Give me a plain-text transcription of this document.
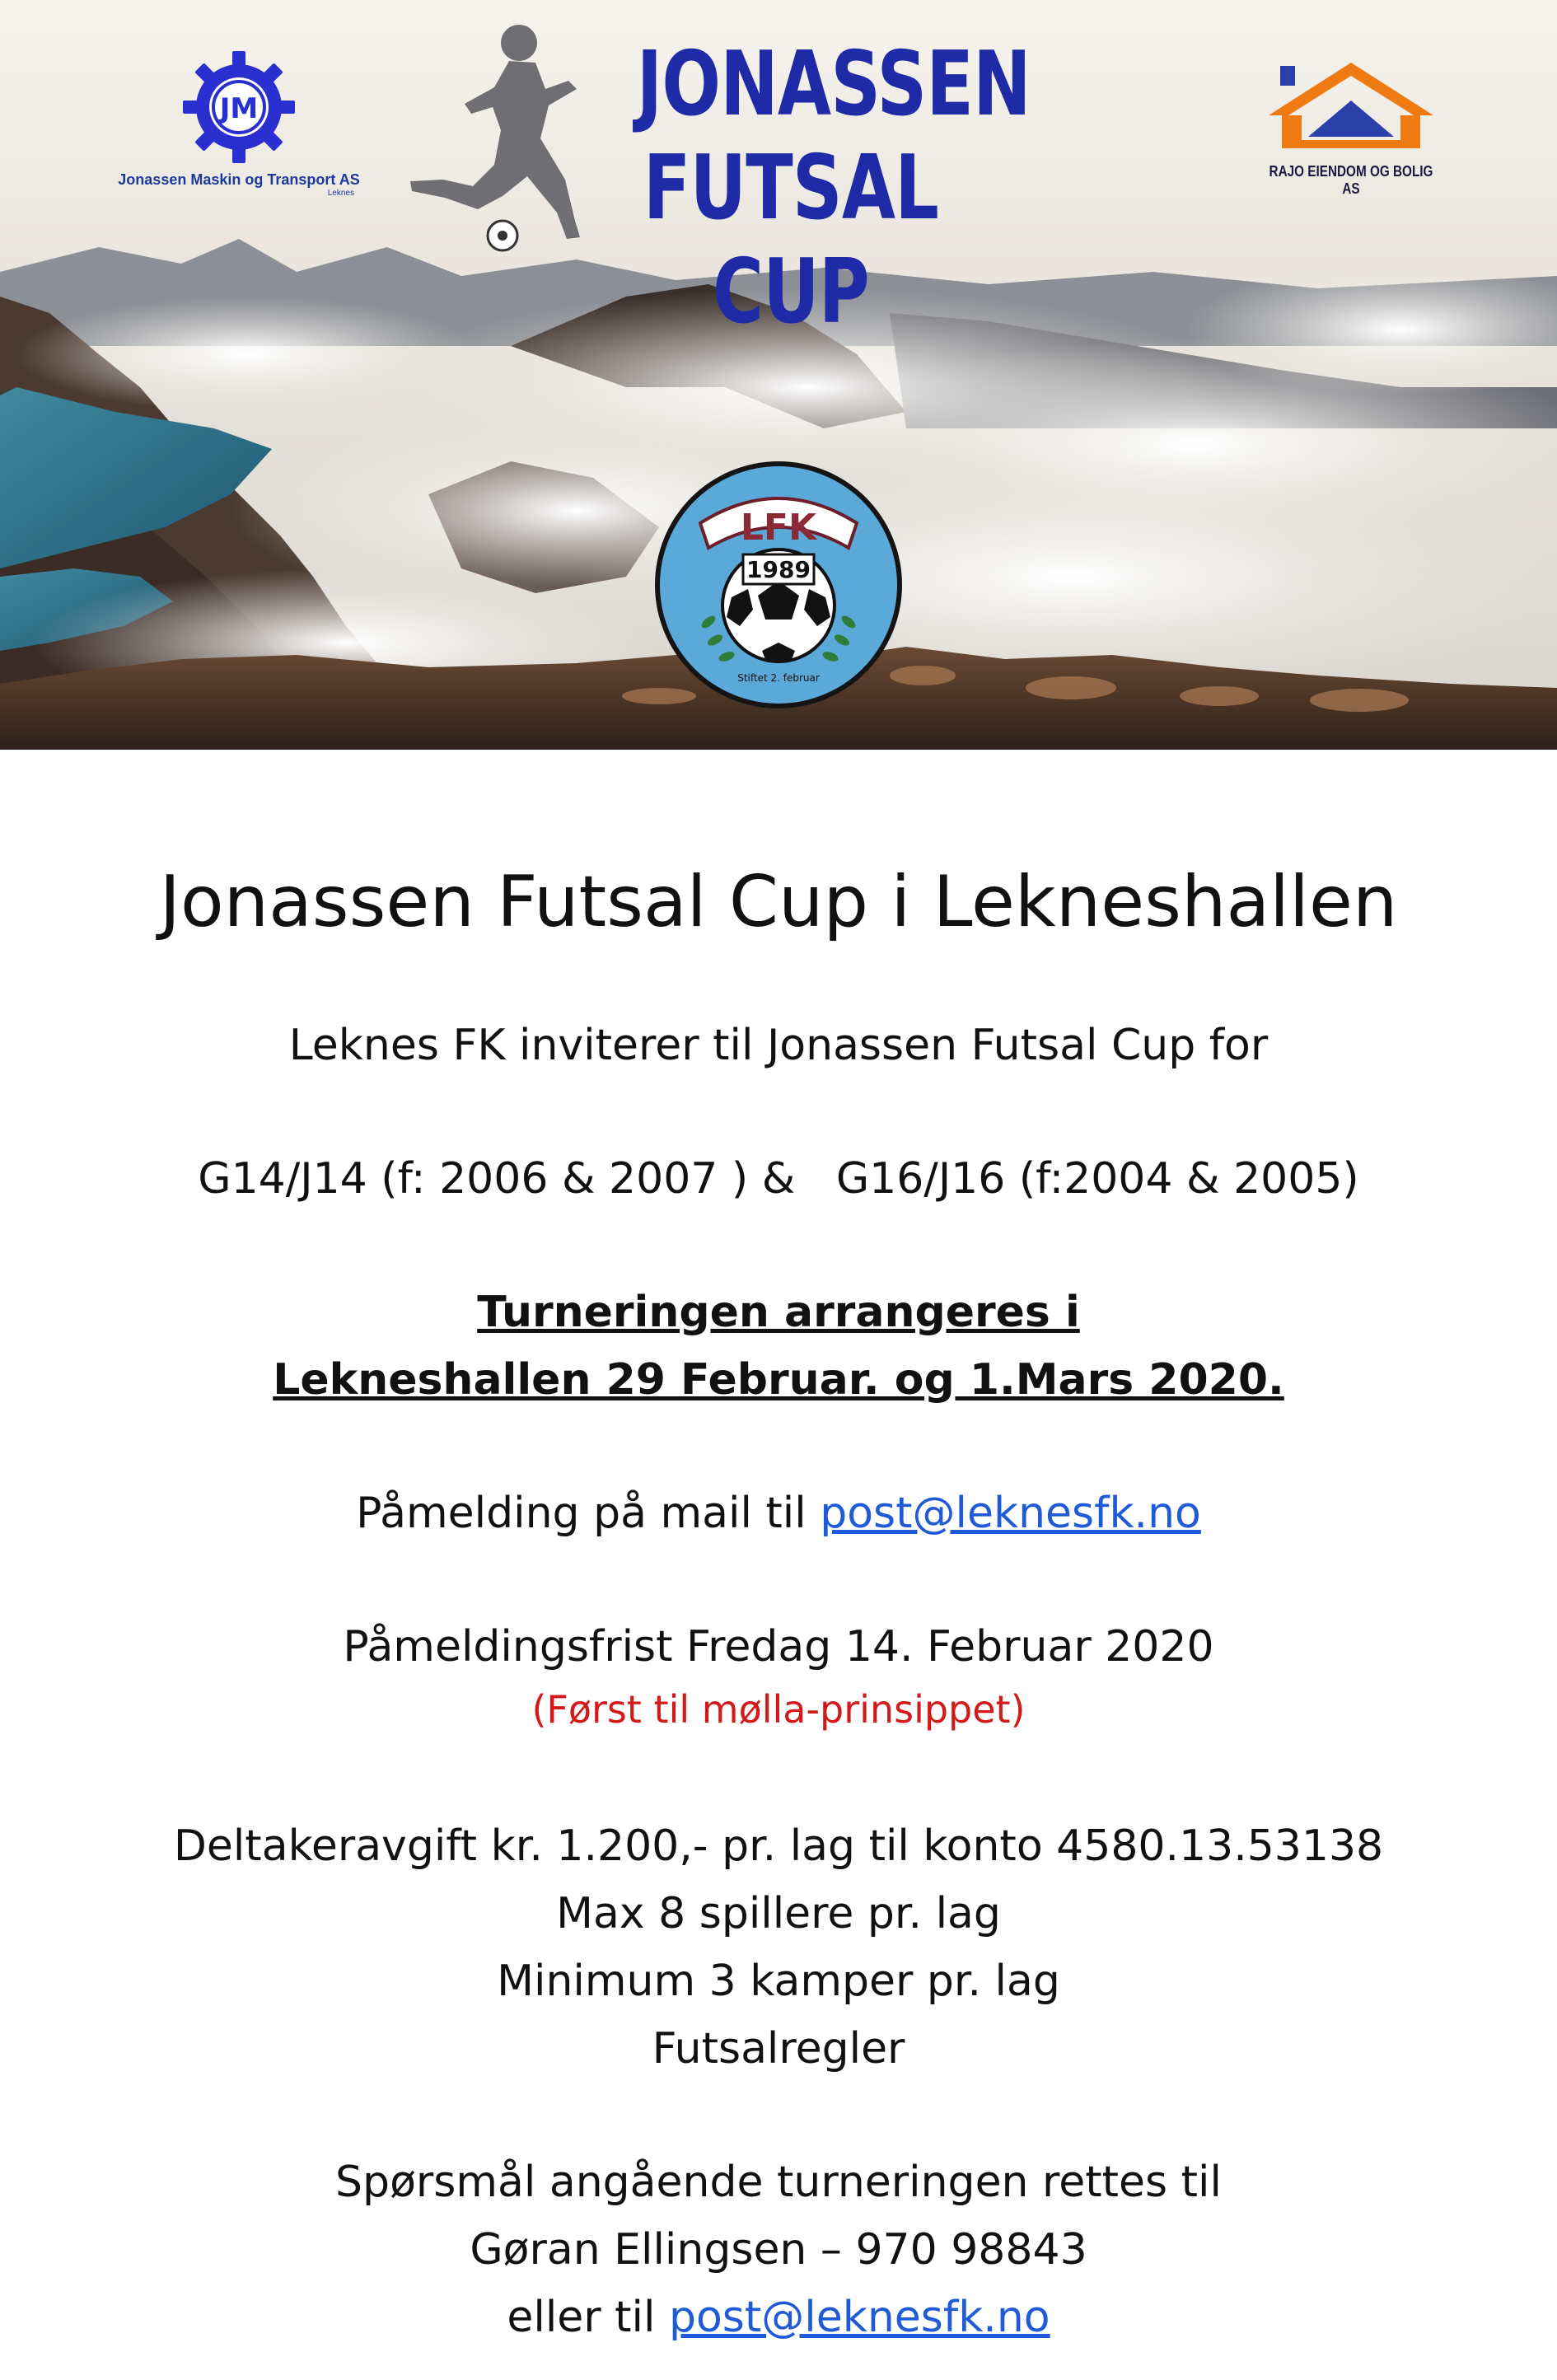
JM
Jonassen Maskin og Transport AS
Leknes
JONASSEN
FUTSAL CUP
RAJO EIENDOM OG BOLIG AS
LFK
1989
Stiftet 2. februar
Jonassen Futsal Cup i Lekneshallen

Leknes FK inviterer til Jonassen Futsal Cup for

G14/J14 (f: 2006 & 2007 ) &   G16/J16 (f:2004 & 2005)

Turneringen arrangeres i

Lekneshallen 29 Februar. og 1.Mars 2020.

Påmelding på mail til post@leknesfk.no

Påmeldingsfrist Fredag 14. Februar 2020

(Først til mølla-prinsippet)

Deltakeravgift kr. 1.200,- pr. lag til konto 4580.13.53138

Max 8 spillere pr. lag

Minimum 3 kamper pr. lag

Futsalregler

Spørsmål angående turneringen rettes til

Gøran Ellingsen – 970 98843

eller til post@leknesfk.no
